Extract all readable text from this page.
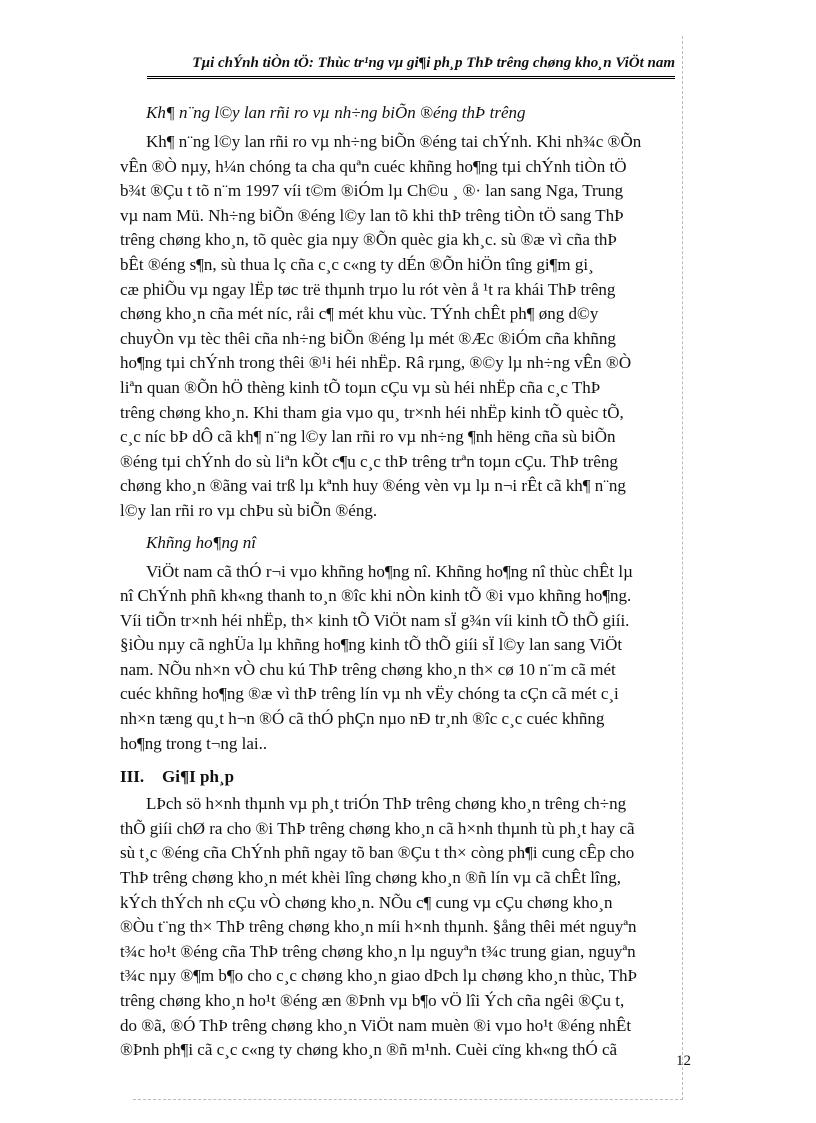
Tµi chÝnh tiÒn tÖ: Thùc tr¹ng vµ gi¶i ph¸p ThÞ trêng chøng kho¸n ViÖt nam
Kh¶ n¨ng l©y lan rñi ro vµ nh÷ng biÕn ®éng thÞ trêng
Kh¶ n¨ng l©y lan rñi ro vµ nh÷ng biÕn ®éng tai chÝnh. Khi nh¾c ®Õn
vÊn ®Ò nµy, h¼n chóng ta cha quªn cuéc khñng ho¶ng tµi chÝnh tiÒn tÖ
b¾t ®Çu t tõ n¨m 1997 víi t©m ®iÓm lµ Ch©u ¸ ®· lan sang Nga, Trung
vµ nam Mü. Nh÷ng biÕn ®éng l©y lan tõ khi thÞ trêng tiÒn tÖ sang ThÞ
trêng chøng kho¸n, tõ quèc gia nµy ®Õn quèc gia kh¸c. sù ®æ vì cña thÞ
bÊt ®éng s¶n, sù thua lç cña c¸c c«ng ty dÉn ®Õn hiÖn tîng gi¶m gi¸
cæ phiÕu vµ ngay lËp tøc trë thµnh trµo lu rót vèn å ¹t ra khái ThÞ trêng
chøng kho¸n cña mét níc, råi c¶ mét khu vùc. TÝnh chÊt ph¶ øng d©y
chuyÒn vµ tèc thêi cña nh÷ng biÕn ®éng lµ mét ®Æc ®iÓm cña khñng
ho¶ng tµi chÝnh trong thêi ®¹i héi nhËp. Râ rµng, ®©y lµ nh÷ng vÊn ®Ò
liªn quan ®Õn hÖ thèng kinh tÕ toµn cÇu vµ sù héi nhËp cña c¸c ThÞ
trêng chøng kho¸n. Khi tham gia vµo qu¸ tr×nh héi nhËp kinh tÕ quèc tÕ,
c¸c níc bÞ dÔ cã kh¶ n¨ng l©y lan rñi ro vµ nh÷ng ¶nh hëng cña sù biÕn
®éng tµi chÝnh do sù liªn kÕt c¶u c¸c thÞ trêng trªn toµn cÇu. ThÞ trêng
chøng kho¸n ®ãng vai trß lµ kªnh huy ®éng vèn vµ lµ n¬i rÊt cã kh¶ n¨ng
l©y lan rñi ro vµ chÞu sù biÕn ®éng.
Khñng ho¶ng nî
ViÖt nam cã thÓ r¬i vµo khñng ho¶ng nî. Khñng ho¶ng nî thùc chÊt lµ
nî ChÝnh phñ kh«ng thanh to¸n ®îc khi nÒn kinh tÕ ®i vµo khñng ho¶ng.
Víi tiÕn tr×nh héi nhËp, th× kinh tÕ ViÖt nam sÏ g¾n víi kinh tÕ thÕ giíi.
§iÒu nµy cã nghÜa lµ khñng ho¶ng kinh tÕ thÕ giíi sÏ l©y lan sang ViÖt
nam. NÕu nh×n vÒ chu kú ThÞ trêng chøng kho¸n th× cø 10 n¨m cã mét
cuéc khñng ho¶ng ®æ vì thÞ trêng lín vµ nh vËy chóng ta cÇn cã mét c¸i
nh×n tæng qu¸t h¬n ®Ó cã thÓ phÇn nµo nÐ tr¸nh ®îc c¸c cuéc khñng
ho¶ng trong t¬ng lai..
III. Gi¶I ph¸p
LÞch sö h×nh thµnh vµ ph¸t triÓn ThÞ trêng chøng kho¸n trêng ch÷ng
thÕ giíi chØ ra cho ®i ThÞ trêng chøng kho¸n cã h×nh thµnh tù ph¸t hay cã
sù t¸c ®éng cña ChÝnh phñ ngay tõ ban ®Çu t th× còng ph¶i cung cÊp cho
ThÞ trêng chøng kho¸n mét khèi lîng chøng kho¸n ®ñ lín vµ cã chÊt lîng,
kÝch thÝch nh cÇu vÒ chøng kho¸n. NÕu c¶ cung vµ cÇu chøng kho¸n
®Òu t¨ng th× ThÞ trêng chøng kho¸n míi h×nh thµnh. §ång thêi mét nguyªn
t¾c ho¹t ®éng cña ThÞ trêng chøng kho¸n lµ nguyªn t¾c trung gian, nguyªn
t¾c nµy ®¶m b¶o cho c¸c chøng kho¸n giao dÞch lµ chøng kho¸n thùc, ThÞ
trêng chøng kho¸n ho¹t ®éng æn ®Þnh vµ b¶o vÖ lîi Ých cña ngêi ®Çu t,
do ®ã, ®Ó ThÞ trêng chøng kho¸n ViÖt nam muèn ®i vµo ho¹t ®éng nhÊt
®Þnh ph¶i cã c¸c c«ng ty chøng kho¸n ®ñ m¹nh. Cuèi cïng kh«ng thÓ cã
12
